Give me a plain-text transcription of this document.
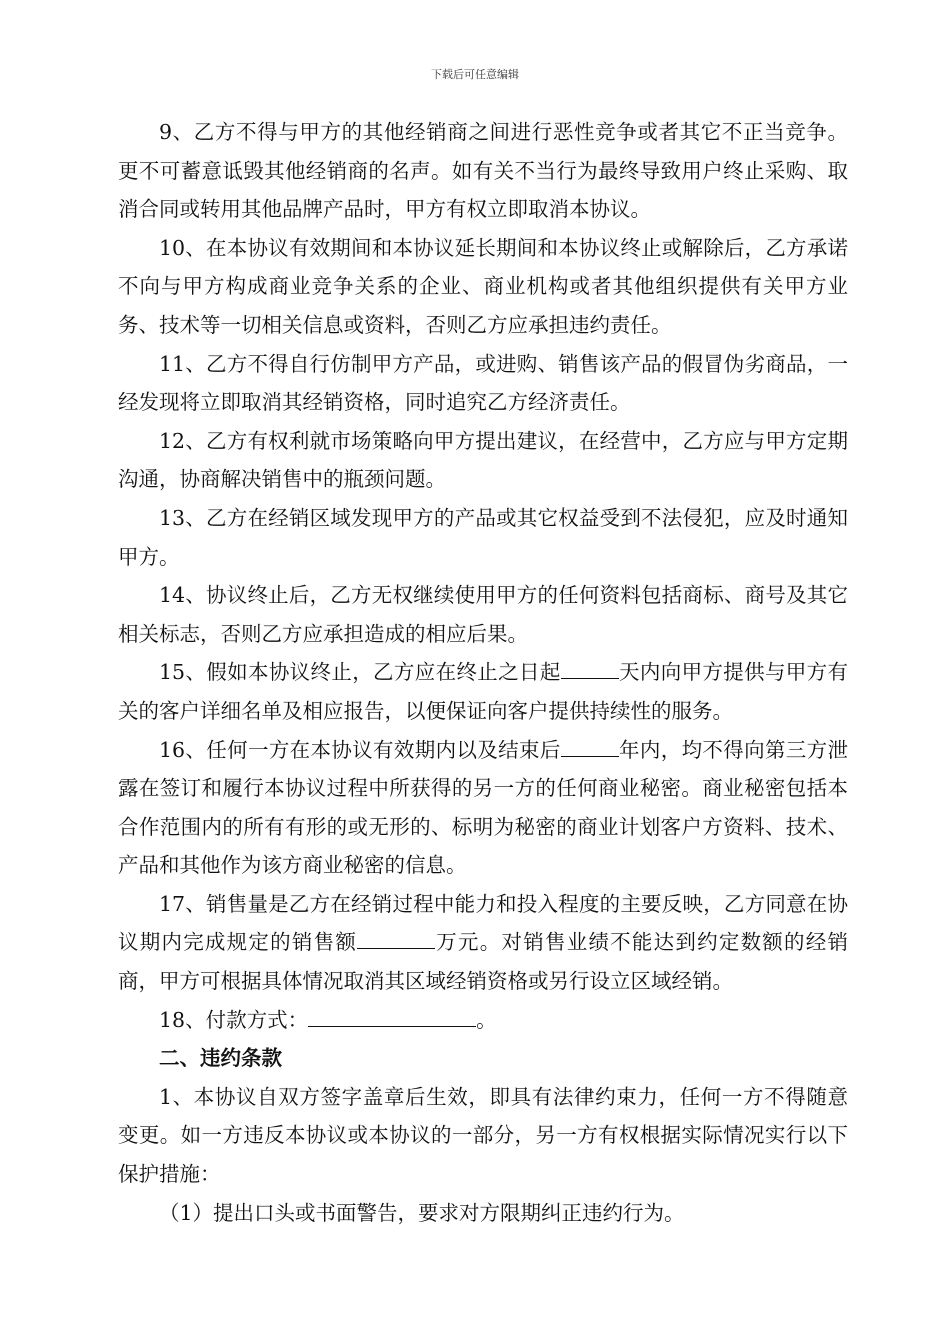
下载后可任意编辑

9、乙方不得与甲方的其他经销商之间进行恶性竞争或者其它不正当竞争。更不可蓄意诋毁其他经销商的名声。如有关不当行为最终导致用户终止采购、取消合同或转用其他品牌产品时，甲方有权立即取消本协议。

10、在本协议有效期间和本协议延长期间和本协议终止或解除后，乙方承诺不向与甲方构成商业竞争关系的企业、商业机构或者其他组织提供有关甲方业务、技术等一切相关信息或资料，否则乙方应承担违约责任。

11、乙方不得自行仿制甲方产品，或进购、销售该产品的假冒伪劣商品，一经发现将立即取消其经销资格，同时追究乙方经济责任。

12、乙方有权利就市场策略向甲方提出建议，在经营中，乙方应与甲方定期沟通，协商解决销售中的瓶颈问题。

13、乙方在经销区域发现甲方的产品或其它权益受到不法侵犯，应及时通知甲方。

14、协议终止后，乙方无权继续使用甲方的任何资料包括商标、商号及其它相关标志，否则乙方应承担造成的相应后果。

15、假如本协议终止，乙方应在终止之日起	天内向甲方提供与甲方有关的客户详细名单及相应报告，以便保证向客户提供持续性的服务。

16、任何一方在本协议有效期内以及结束后	年内，均不得向第三方泄露在签订和履行本协议过程中所获得的另一方的任何商业秘密。商业秘密包括本合作范围内的所有有形的或无形的、标明为秘密的商业计划客户方资料、技术、产品和其他作为该方商业秘密的信息。

17、销售量是乙方在经销过程中能力和投入程度的主要反映，乙方同意在协议期内完成规定的销售额	万元。对销售业绩不能达到约定数额的经销商，甲方可根据具体情况取消其区域经销资格或另行设立区域经销。

18、付款方式：	。

二、违约条款

1、本协议自双方签字盖章后生效，即具有法律约束力，任何一方不得随意变更。如一方违反本协议或本协议的一部分，另一方有权根据实际情况实行以下保护措施：

（1）提出口头或书面警告，要求对方限期纠正违约行为。
